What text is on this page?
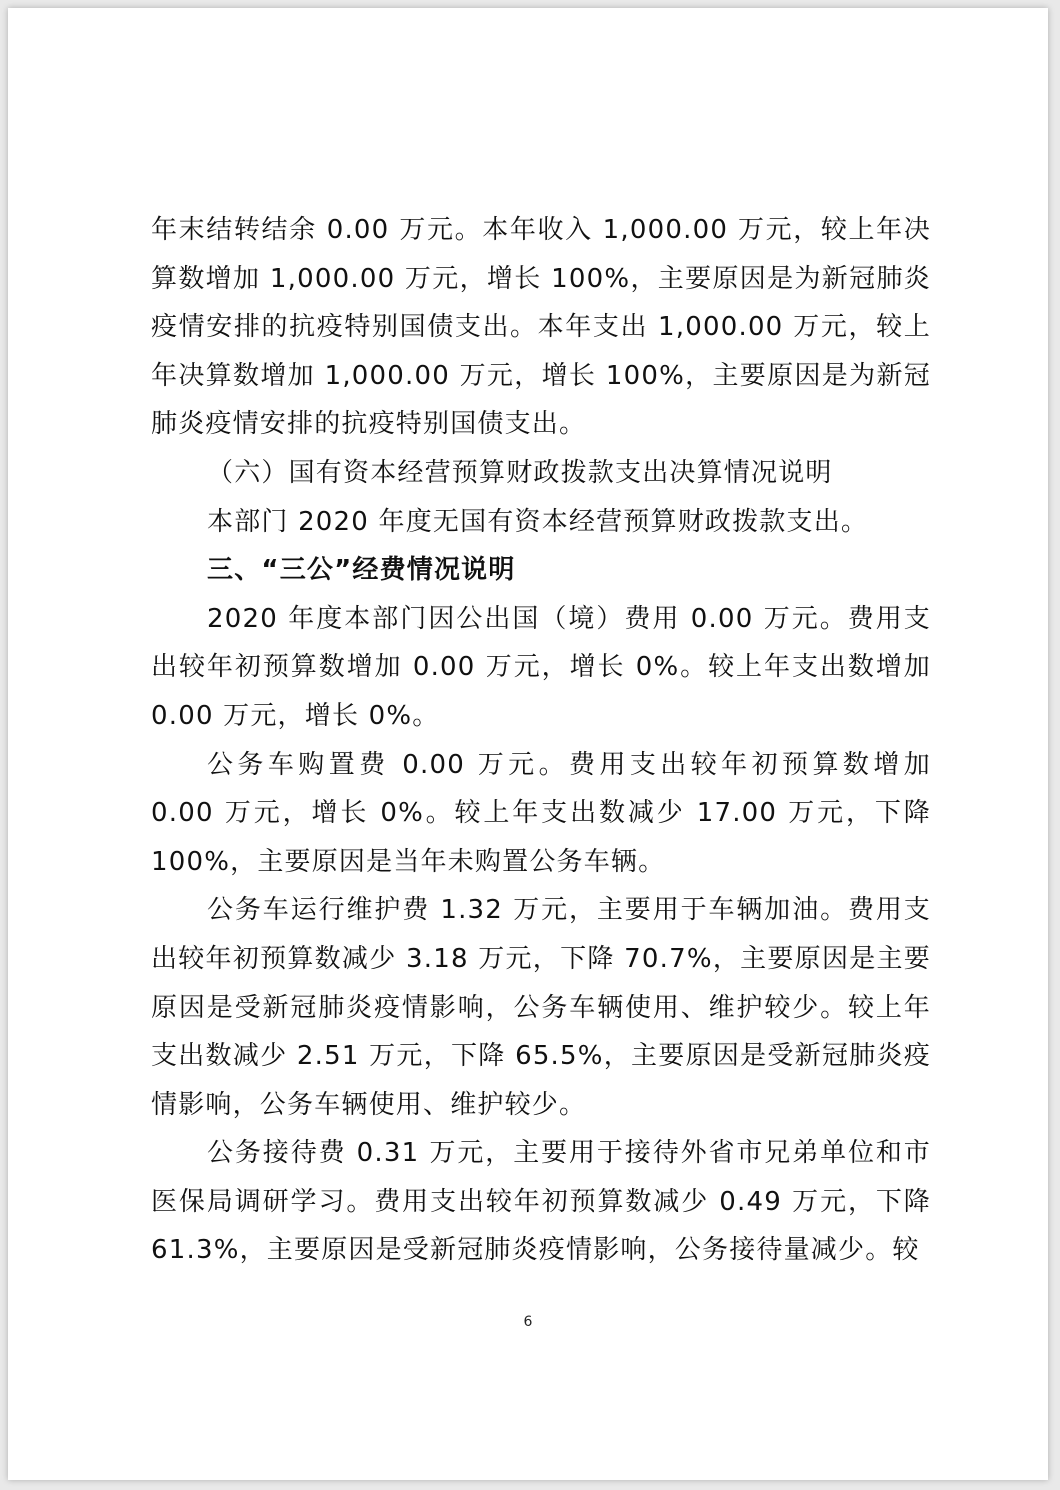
年末结转结余 0.00 万元。本年收入 1,000.00 万元，较上年决算数增加 1,000.00 万元，增长 100%，主要原因是为新冠肺炎疫情安排的抗疫特别国债支出。本年支出 1,000.00 万元，较上年决算数增加 1,000.00 万元，增长 100%，主要原因是为新冠肺炎疫情安排的抗疫特别国债支出。

（六）国有资本经营预算财政拨款支出决算情况说明

本部门 2020 年度无国有资本经营预算财政拨款支出。

三、“三公”经费情况说明

2020 年度本部门因公出国（境）费用 0.00 万元。费用支出较年初预算数增加 0.00 万元，增长 0%。较上年支出数增加 0.00 万元，增长 0%。

公务车购置费 0.00 万元。费用支出较年初预算数增加 0.00 万元，增长 0%。较上年支出数减少 17.00 万元，下降 100%，主要原因是当年未购置公务车辆。

公务车运行维护费 1.32 万元，主要用于车辆加油。费用支出较年初预算数减少 3.18 万元，下降 70.7%，主要原因是主要原因是受新冠肺炎疫情影响，公务车辆使用、维护较少。较上年支出数减少 2.51 万元，下降 65.5%，主要原因是受新冠肺炎疫情影响，公务车辆使用、维护较少。

公务接待费 0.31 万元，主要用于接待外省市兄弟单位和市医保局调研学习。费用支出较年初预算数减少 0.49 万元，下降 61.3%，主要原因是受新冠肺炎疫情影响，公务接待量减少。较

6
